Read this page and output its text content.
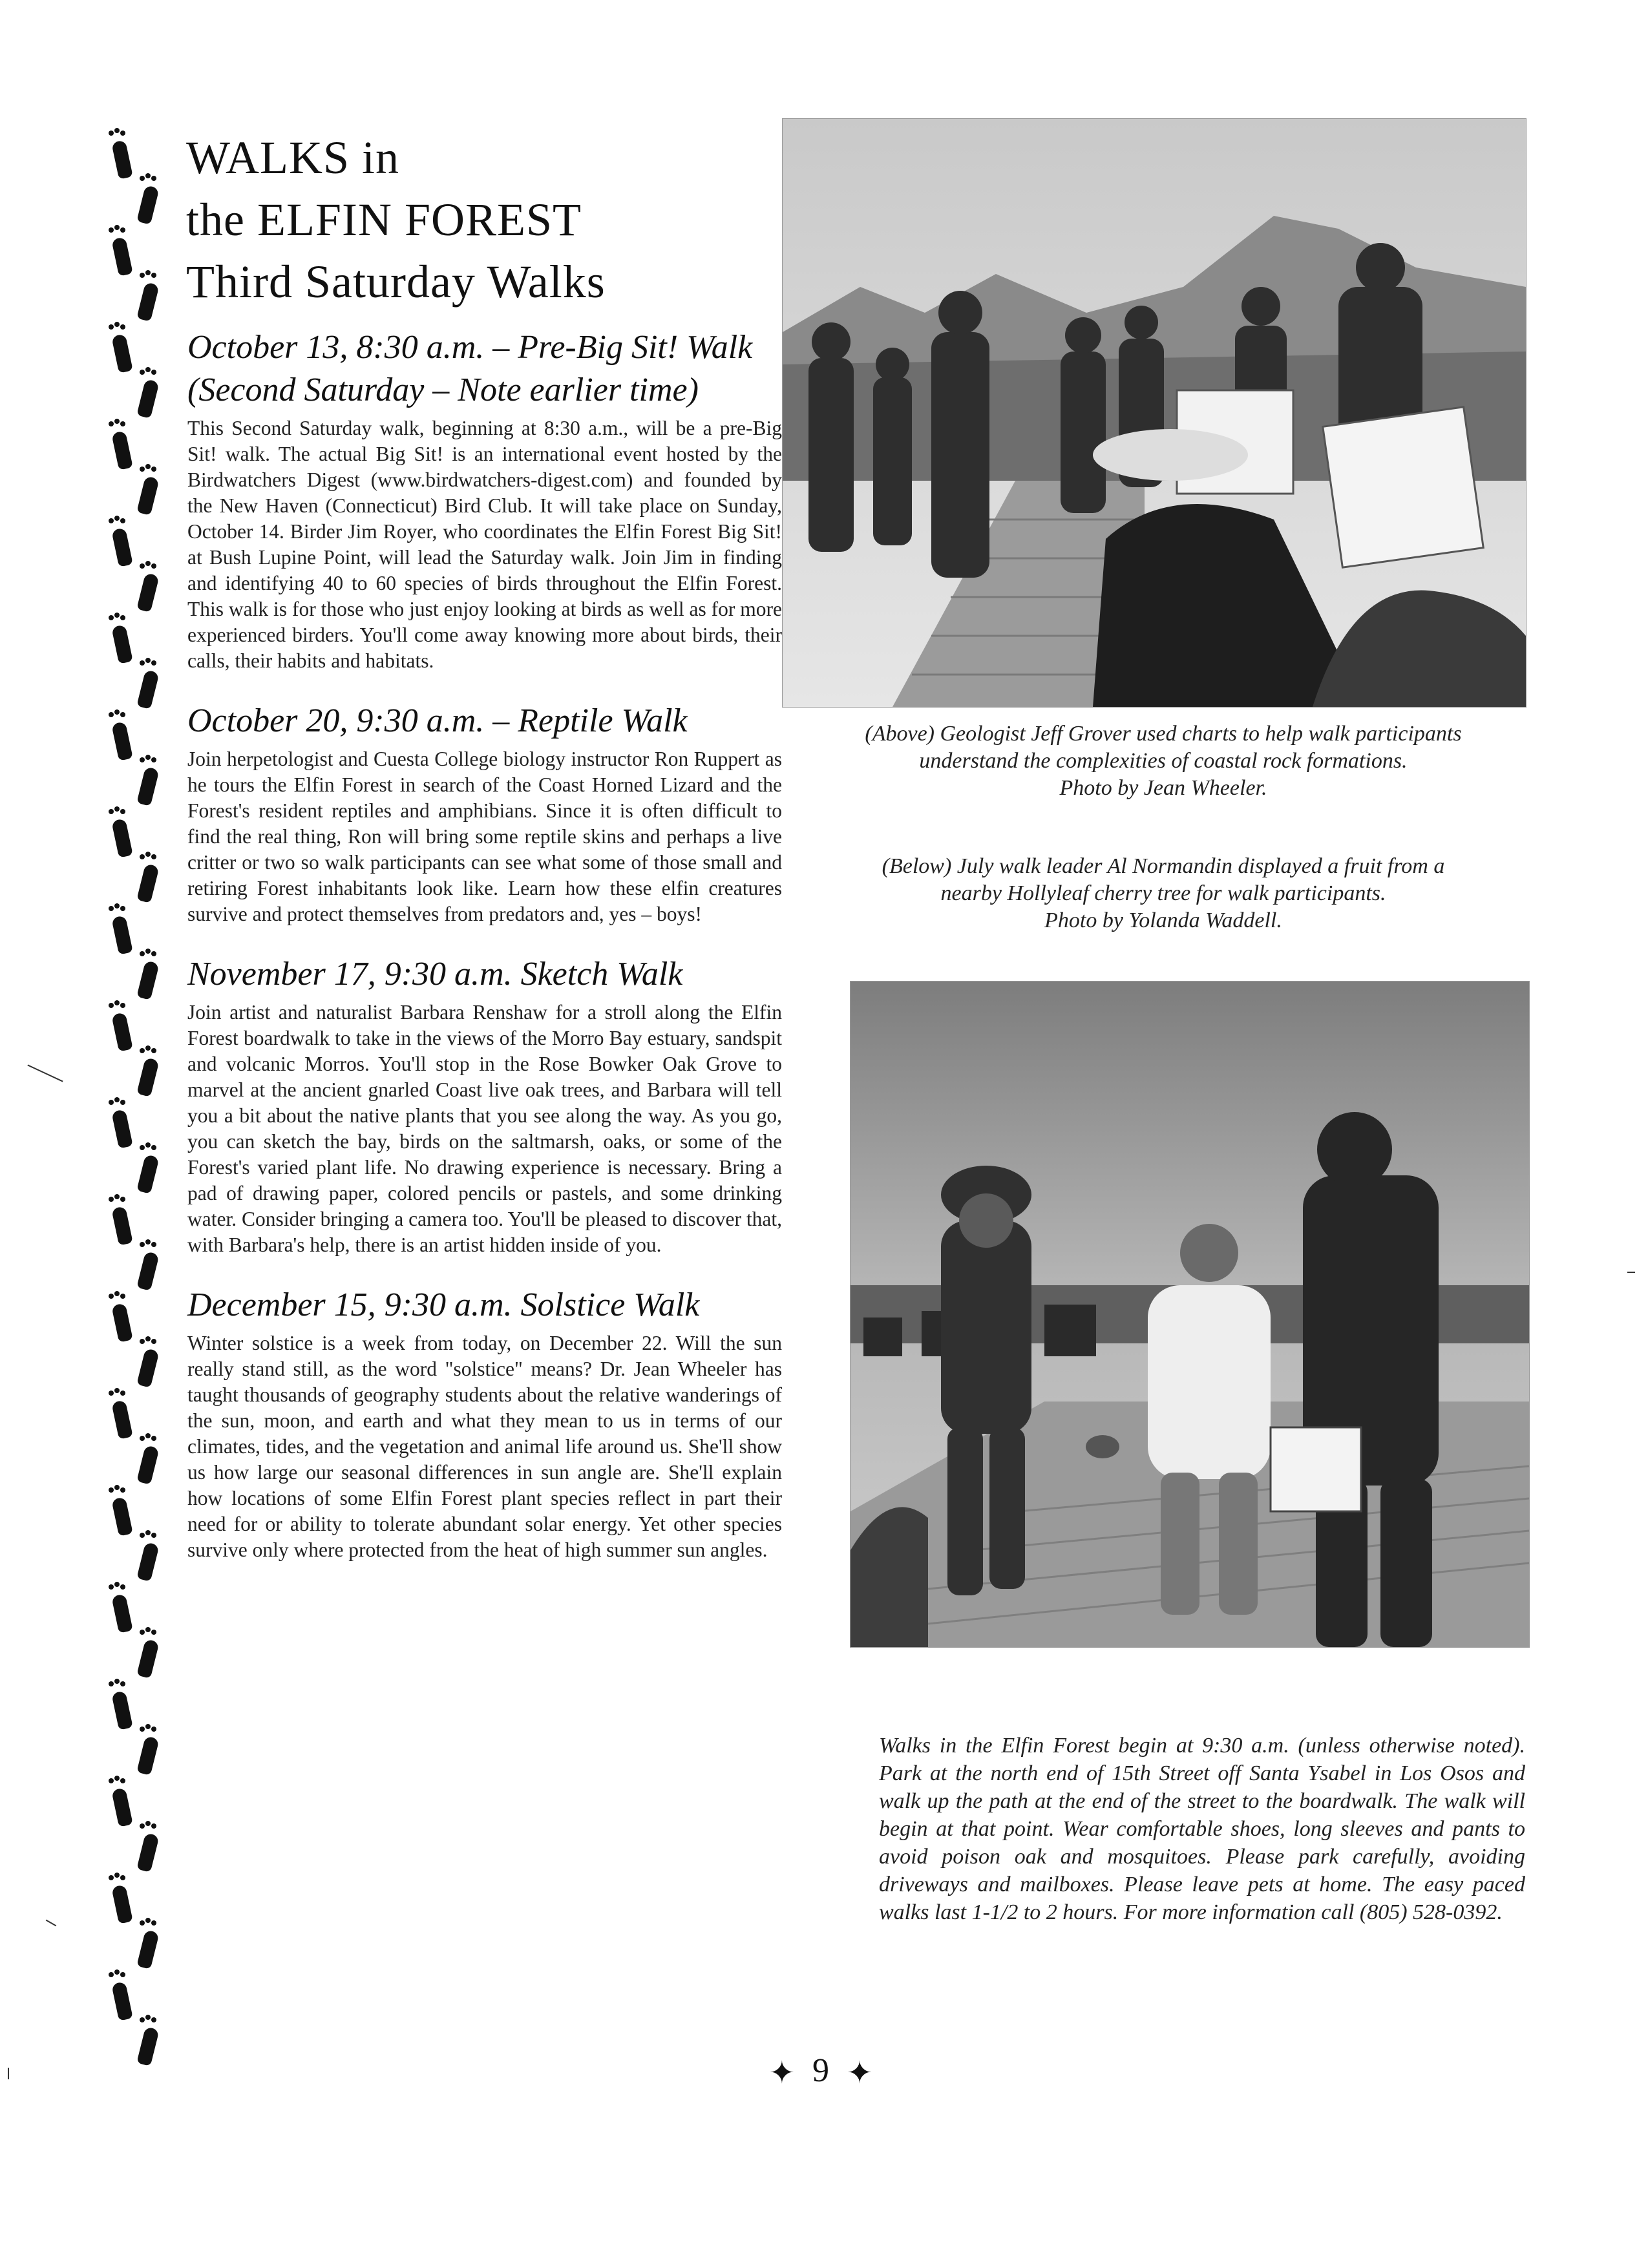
WALKS in
the ELFIN FOREST
Third Saturday Walks
October 13, 8:30 a.m. – Pre-Big Sit! Walk
(Second Saturday – Note earlier time)

This Second Saturday walk, beginning at 8:30 a.m., will be a pre-Big Sit! walk. The actual Big Sit! is an international event hosted by the Birdwatchers Digest (www.birdwatchers-digest.com) and founded by the New Haven (Connecticut) Bird Club. It will take place on Sunday, October 14. Birder Jim Royer, who coordinates the Elfin Forest Big Sit! at Bush Lupine Point, will lead the Saturday walk. Join Jim in finding and identifying 40 to 60 species of birds throughout the Elfin Forest. This walk is for those who just enjoy looking at birds as well as for more experienced birders. You'll come away knowing more about birds, their calls, their habits and habitats.

October 20, 9:30 a.m. – Reptile Walk

Join herpetologist and Cuesta College biology instructor Ron Ruppert as he tours the Elfin Forest in search of the Coast Horned Lizard and the Forest's resident reptiles and amphibians. Since it is often difficult to find the real thing, Ron will bring some reptile skins and perhaps a live critter or two so walk participants can see what some of those small and retiring Forest inhabitants look like. Learn how these elfin creatures survive and protect themselves from predators and, yes – boys!

November 17, 9:30 a.m. Sketch Walk

Join artist and naturalist Barbara Renshaw for a stroll along the Elfin Forest boardwalk to take in the views of the Morro Bay estuary, sandspit and volcanic Morros. You'll stop in the Rose Bowker Oak Grove to marvel at the ancient gnarled Coast live oak trees, and Barbara will tell you a bit about the native plants that you see along the way. As you go, you can sketch the bay, birds on the saltmarsh, oaks, or some of the Forest's varied plant life. No drawing experience is necessary. Bring a pad of drawing paper, colored pencils or pastels, and some drinking water. Consider bringing a camera too. You'll be pleased to discover that, with Barbara's help, there is an artist hidden inside of you.

December 15, 9:30 a.m. Solstice Walk

Winter solstice is a week from today, on December 22. Will the sun really stand still, as the word "solstice" means? Dr. Jean Wheeler has taught thousands of geography students about the relative wanderings of the sun, moon, and earth and what they mean to us in terms of our climates, tides, and the vegetation and animal life around us. She'll show us how large our seasonal differences in sun angle are. She'll explain how locations of some Elfin Forest plant species reflect in part their need for or ability to tolerate abundant solar energy. Yet other species survive only where protected from the heat of high summer sun angles.

(Above) Geologist Jeff Grover used charts to help walk participants
understand the complexities of coastal rock formations.
Photo by Jean Wheeler.
(Below) July walk leader Al Normandin displayed a fruit from a
nearby Hollyleaf cherry tree for walk participants.
Photo by Yolanda Waddell.

Walks in the Elfin Forest begin at 9:30 a.m. (unless otherwise noted). Park at the north end of 15th Street off Santa Ysabel in Los Osos and walk up the path at the end of the street to the boardwalk. The walk will begin at that point. Wear comfortable shoes, long sleeves and pants to avoid poison oak and mosquitoes. Please park carefully, avoiding driveways and mailboxes. Please leave pets at home. The easy paced walks last 1-1/2 to 2 hours. For more information call (805) 528-0392.

✦ 9 ✦
